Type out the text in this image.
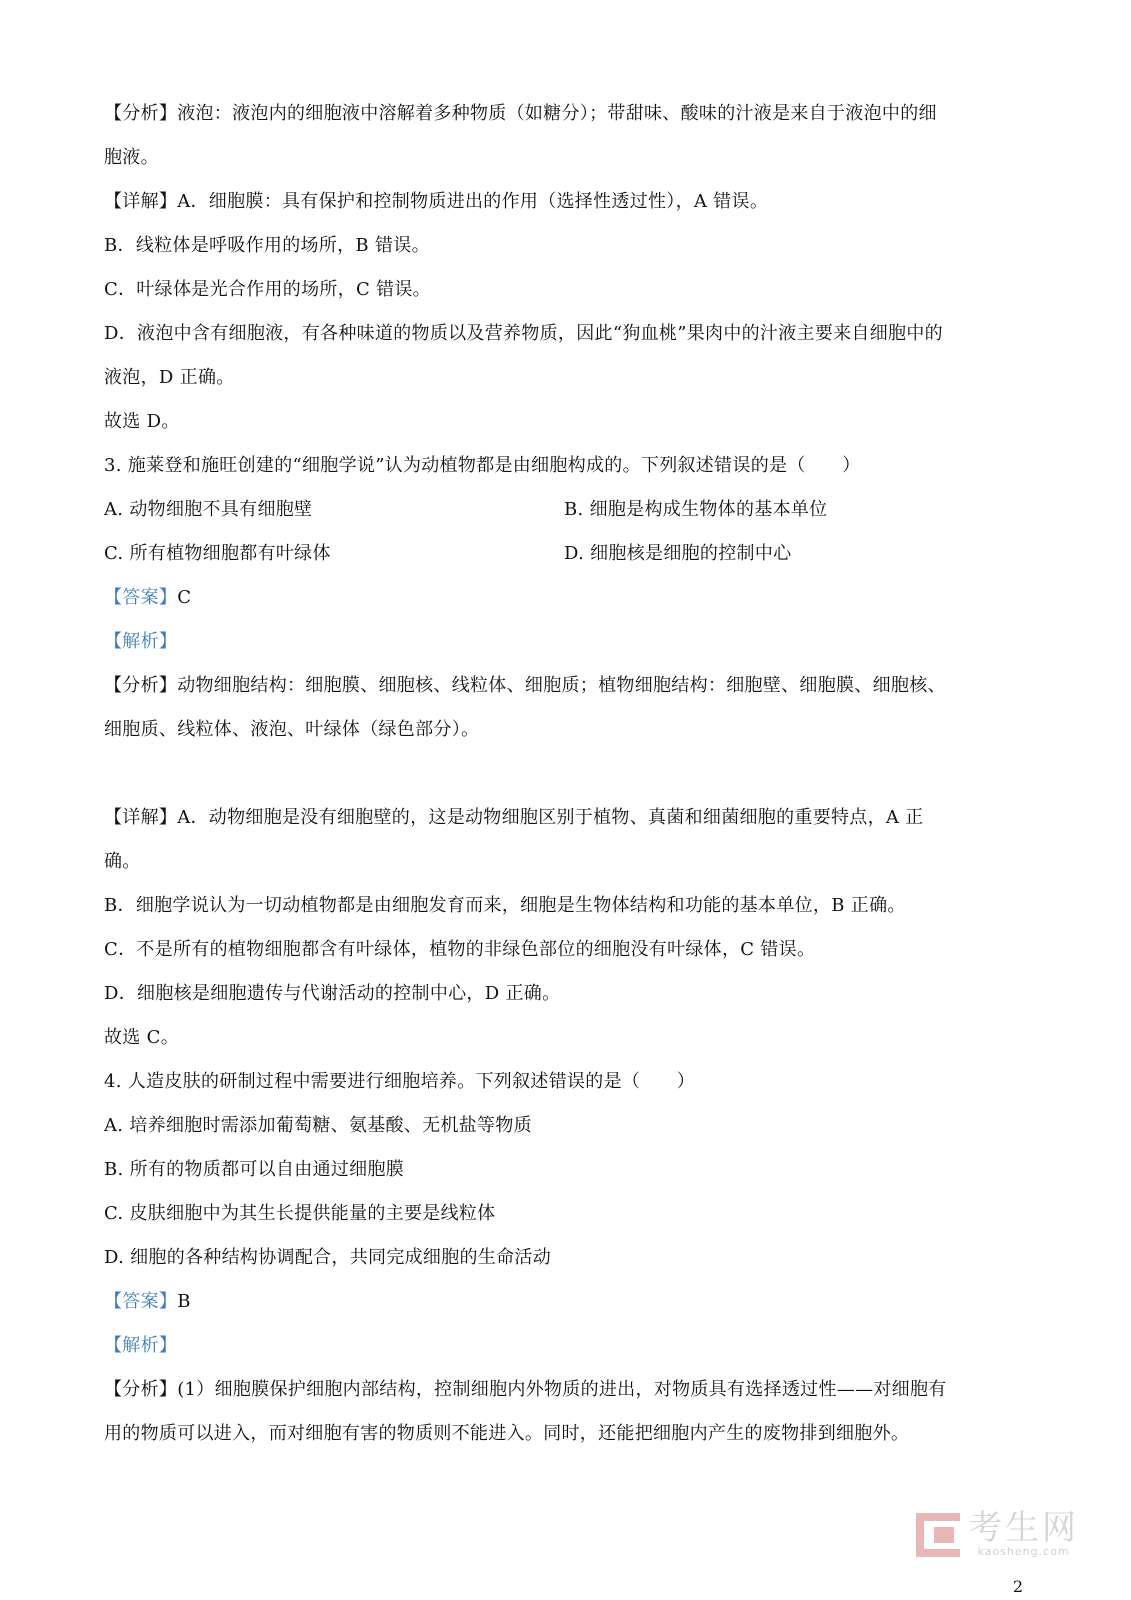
【分析】液泡：液泡内的细胞液中溶解着多种物质（如糖分）；带甜味、酸味的汁液是来自于液泡中的细

胞液。

【详解】A．细胞膜：具有保护和控制物质进出的作用（选择性透过性），A 错误。

B．线粒体是呼吸作用的场所，B 错误。

C．叶绿体是光合作用的场所，C 错误。

D．液泡中含有细胞液，有各种味道的物质以及营养物质，因此“狗血桃”果肉中的汁液主要来自细胞中的

液泡，D 正确。

故选 D。

3. 施莱登和施旺创建的“细胞学说”认为动植物都是由细胞构成的。下列叙述错误的是（　　）

A. 动物细胞不具有细胞壁	B. 细胞是构成生物体的基本单位

C. 所有植物细胞都有叶绿体	D. 细胞核是细胞的控制中心

【答案】C

【解析】

【分析】动物细胞结构：细胞膜、细胞核、线粒体、细胞质；植物细胞结构：细胞壁、细胞膜、细胞核、

细胞质、线粒体、液泡、叶绿体（绿色部分）。

【详解】A．动物细胞是没有细胞壁的，这是动物细胞区别于植物、真菌和细菌细胞的重要特点，A 正

确。

B．细胞学说认为一切动植物都是由细胞发育而来，细胞是生物体结构和功能的基本单位，B 正确。

C．不是所有的植物细胞都含有叶绿体，植物的非绿色部位的细胞没有叶绿体，C 错误。

D．细胞核是细胞遗传与代谢活动的控制中心，D 正确。

故选 C。

4. 人造皮肤的研制过程中需要进行细胞培养。下列叙述错误的是（　　）

A. 培养细胞时需添加葡萄糖、氨基酸、无机盐等物质

B. 所有的物质都可以自由通过细胞膜

C. 皮肤细胞中为其生长提供能量的主要是线粒体

D. 细胞的各种结构协调配合，共同完成细胞的生命活动

【答案】B

【解析】

【分析】(1）细胞膜保护细胞内部结构，控制细胞内外物质的进出，对物质具有选择透过性——对细胞有

用的物质可以进入，而对细胞有害的物质则不能进入。同时，还能把细胞内产生的废物排到细胞外。

考生网
kaosheng.com
2
